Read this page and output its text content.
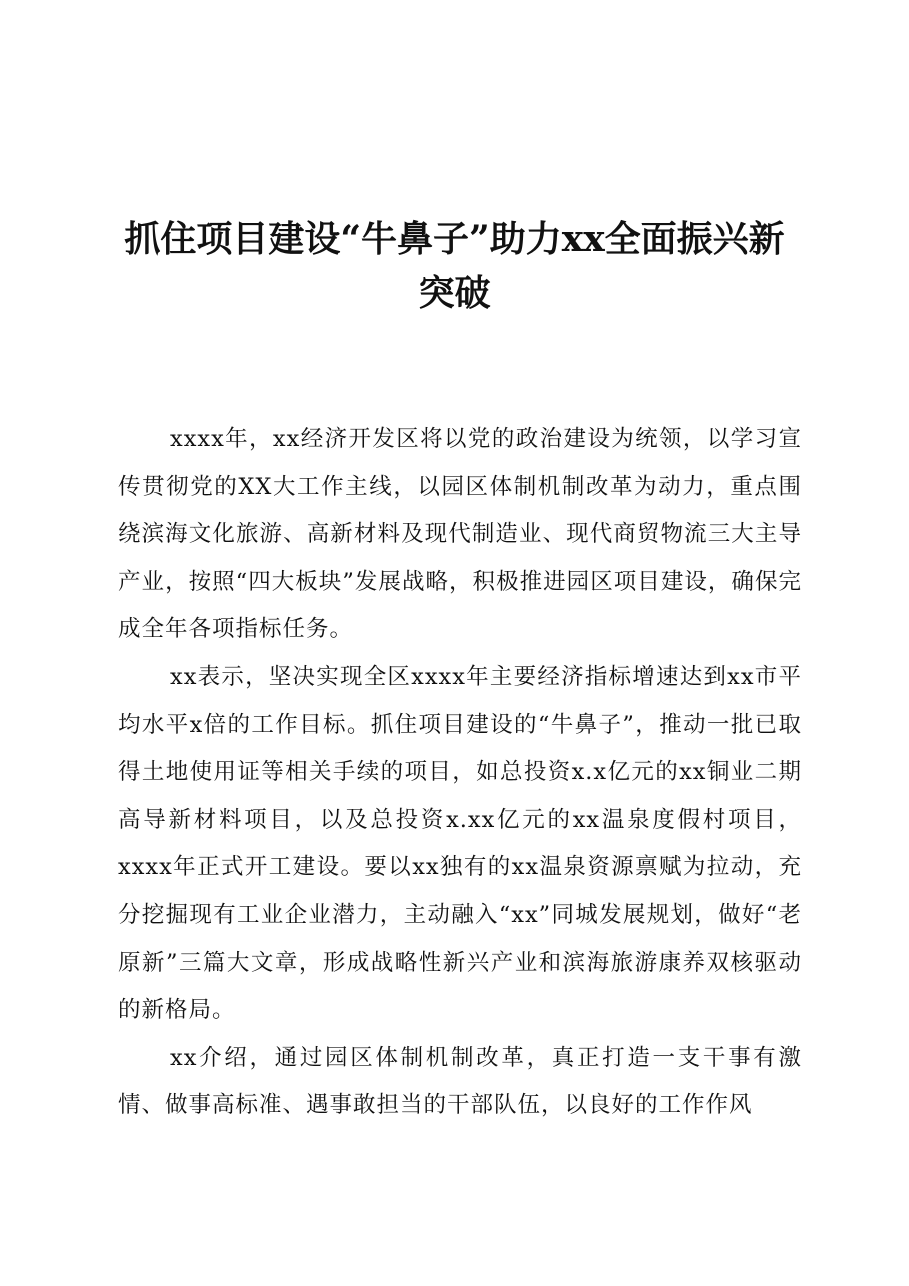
抓住项目建设“牛鼻子”助力xx全面振兴新
突破

xxxx年，xx经济开发区将以党的政治建设为统领，以学习宣传贯彻党的XX大工作主线，以园区体制机制改革为动力，重点围绕滨海文化旅游、高新材料及现代制造业、现代商贸物流三大主导产业，按照“四大板块”发展战略，积极推进园区项目建设，确保完成全年各项指标任务。

xx表示，坚决实现全区xxxx年主要经济指标增速达到xx市平均水平x倍的工作目标。抓住项目建设的“牛鼻子”，推动一批已取得土地使用证等相关手续的项目，如总投资x.x亿元的xx铜业二期高导新材料项目，以及总投资x.xx亿元的xx温泉度假村项目，xxxx年正式开工建设。要以xx独有的xx温泉资源禀赋为拉动，充分挖掘现有工业企业潜力，主动融入“xx”同城发展规划，做好“老原新”三篇大文章，形成战略性新兴产业和滨海旅游康养双核驱动的新格局。

xx介绍，通过园区体制机制改革，真正打造一支干事有激情、做事高标准、遇事敢担当的干部队伍，以良好的工作作风
